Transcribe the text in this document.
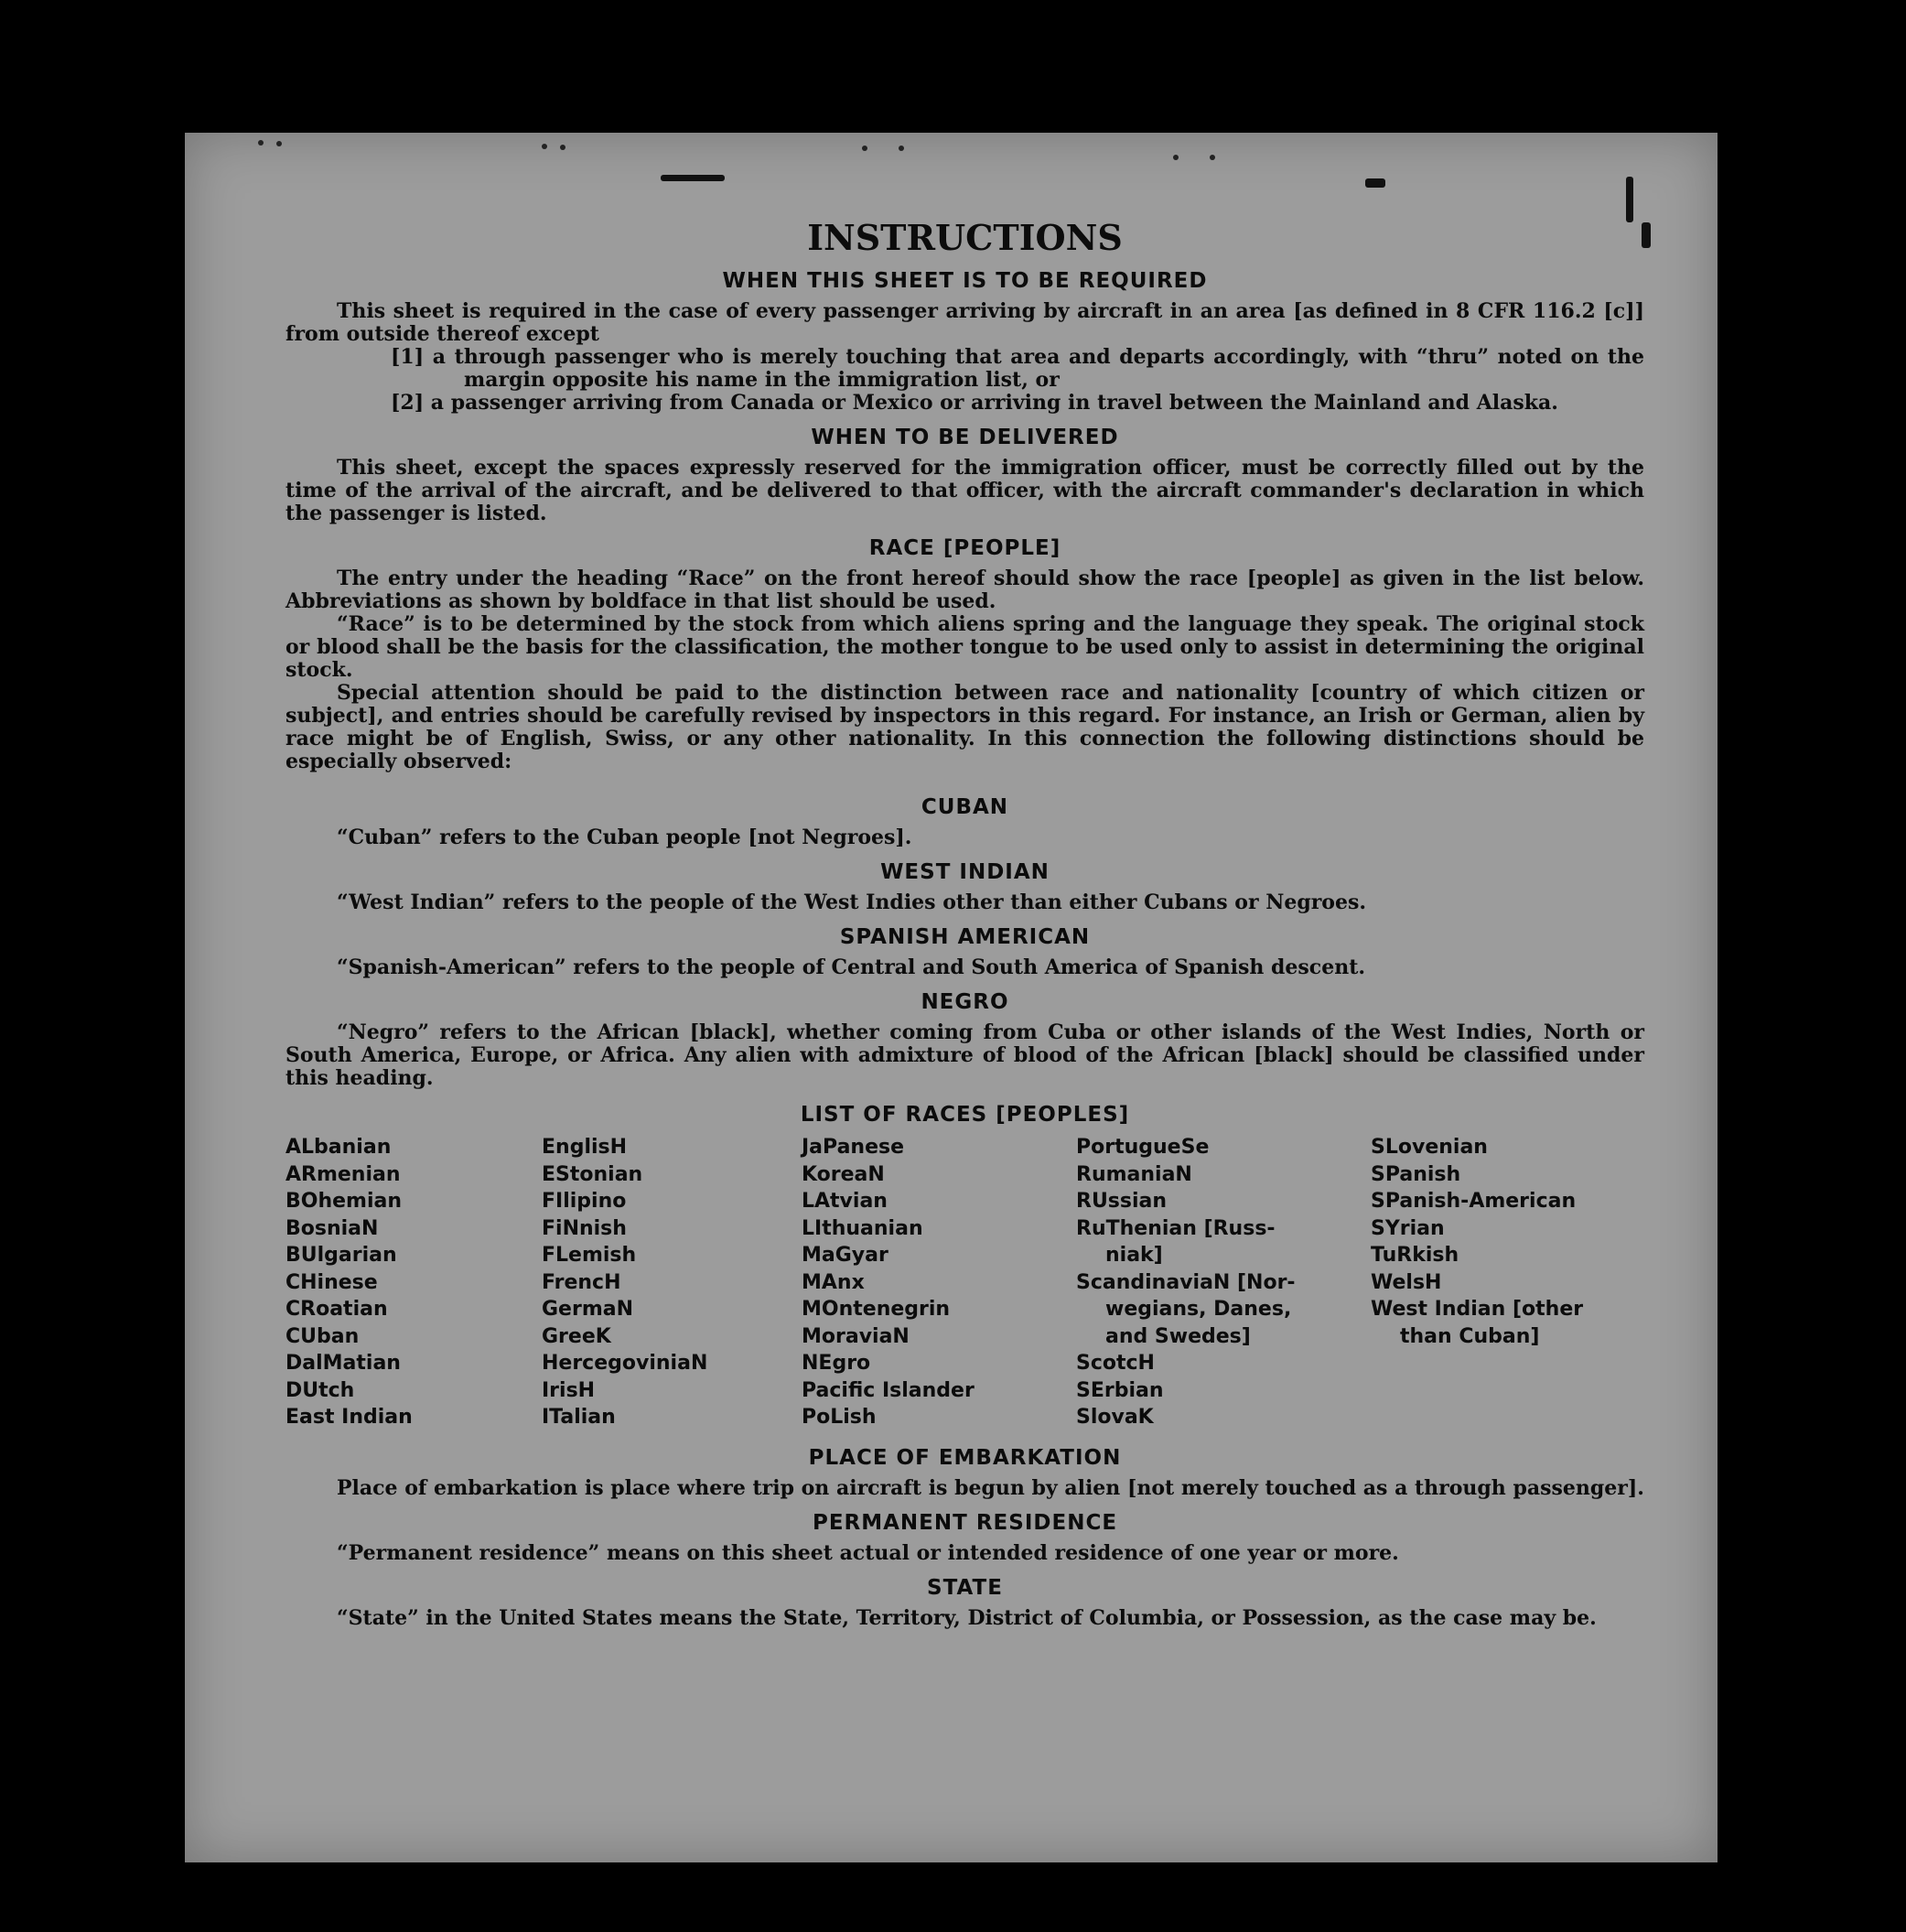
INSTRUCTIONS
WHEN THIS SHEET IS TO BE REQUIRED

This sheet is required in the case of every passenger arriving by aircraft in an area [as defined in 8 CFR 116.2 [c]] from outside thereof except

[1] a through passenger who is merely touching that area and departs accordingly, with “thru” noted on the margin opposite his name in the immigration list, or
[2] a passenger arriving from Canada or Mexico or arriving in travel between the Mainland and Alaska.
WHEN TO BE DELIVERED

This sheet, except the spaces expressly reserved for the immigration officer, must be correctly filled out by the time of the arrival of the aircraft, and be delivered to that officer, with the aircraft commander's declaration in which the passenger is listed.

RACE [PEOPLE]

The entry under the heading “Race” on the front hereof should show the race [people] as given in the list below. Abbreviations as shown by boldface in that list should be used.

“Race” is to be determined by the stock from which aliens spring and the language they speak. The original stock or blood shall be the basis for the classification, the mother tongue to be used only to assist in determining the original stock.

Special attention should be paid to the distinction between race and nationality [country of which citizen or subject], and entries should be carefully revised by inspectors in this regard. For instance, an Irish or German, alien by race might be of English, Swiss, or any other nationality. In this connection the following distinctions should be especially observed:

CUBAN

“Cuban” refers to the Cuban people [not Negroes].

WEST INDIAN

“West Indian” refers to the people of the West Indies other than either Cubans or Negroes.

SPANISH AMERICAN

“Spanish-American” refers to the people of Central and South America of Spanish descent.

NEGRO

“Negro” refers to the African [black], whether coming from Cuba or other islands of the West Indies, North or South America, Europe, or Africa. Any alien with admixture of blood of the African [black] should be classified under this heading.

LIST OF RACES [PEOPLES]
ALbanian
ARmenian
BOhemian
BosniaN
BUlgarian
CHinese
CRoatian
CUban
DalMatian
DUtch
East Indian
EnglisH
EStonian
FIlipino
FiNnish
FLemish
FrencH
GermaN
GreeK
HercegoviniaN
IrisH
ITalian
JaPanese
KoreaN
LAtvian
LIthuanian
MaGyar
MAnx
MOntenegrin
MoraviaN
NEgro
Pacific Islander
PoLish
PortugueSe
RumaniaN
RUssian
RuThenian [Russ-
niak]
ScandinaviaN [Nor-
wegians, Danes,
and Swedes]
ScotcH
SErbian
SlovaK
SLovenian
SPanish
SPanish-American
SYrian
TuRkish
WelsH
West Indian [other
than Cuban]
PLACE OF EMBARKATION

Place of embarkation is place where trip on aircraft is begun by alien [not merely touched as a through passenger].

PERMANENT RESIDENCE

“Permanent residence” means on this sheet actual or intended residence of one year or more.

STATE

“State” in the United States means the State, Territory, District of Columbia, or Possession, as the case may be.
